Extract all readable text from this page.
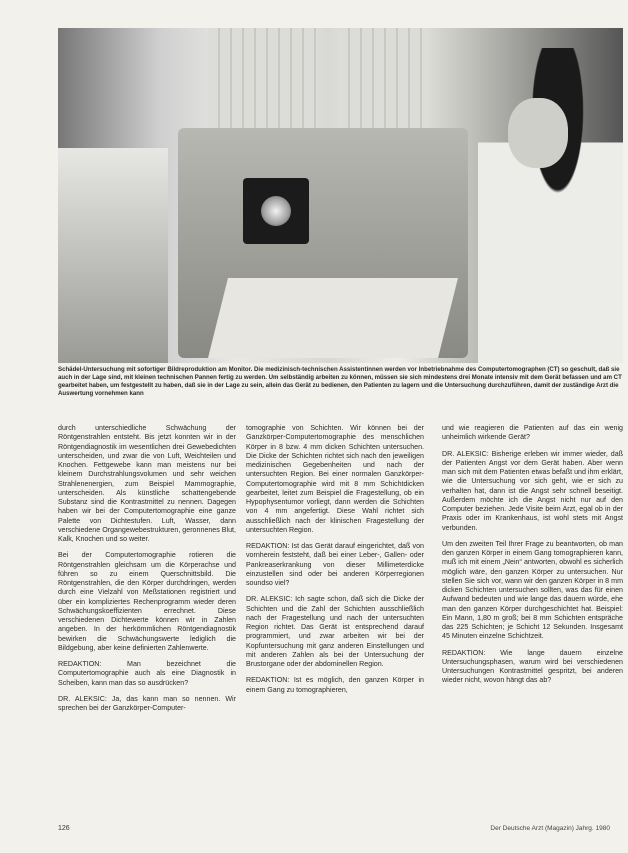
Schädel-Untersuchung mit sofortiger Bildreproduktion am Monitor. Die medizinisch-technischen Assistentinnen werden vor Inbetriebnahme des Computertomographen (CT) so geschult, daß sie auch in der Lage sind, mit kleinen technischen Pannen fertig zu werden. Um selbständig arbeiten zu können, müssen sie sich mindestens drei Monate intensiv mit dem Gerät befassen und am CT gearbeitet haben, um festgestellt zu haben, daß sie in der Lage zu sein, allein das Gerät zu bedienen, den Patienten zu lagern und die Untersuchung durchzuführen, damit der zuständige Arzt die Auswertung vornehmen kann

durch unterschiedliche Schwächung der Röntgenstrahlen entsteht. Bis jetzt konnten wir in der Röntgendiagnostik im wesentlichen drei Gewebedichten unterscheiden, und zwar die von Luft, Weichteilen und Knochen. Fettgewebe kann man meistens nur bei kleinem Durchstrahlungsvolumen und sehr weichen Strahlenenergien, zum Beispiel Mammographie, unterscheiden. Als künstliche schattengebende Substanz sind die Kontrastmittel zu nennen. Dagegen haben wir bei der Computertomographie eine ganze Palette von Dichtestufen. Luft, Wasser, dann verschiedene Organgewebestrukturen, geronnenes Blut, Kalk, Knochen und so weiter.

Bei der Computertomographie rotieren die Röntgenstrahlen gleichsam um die Körperachse und führen so zu einem Querschnittsbild. Die Röntgenstrahlen, die den Körper durchdringen, werden durch eine Vielzahl von Meßstationen registriert und über ein kompliziertes Rechenprogramm wieder deren Schwächungskoeffizienten errechnet. Diese verschiedenen Dichtewerte können wir in Zahlen angeben. In der herkömmlichen Röntgendiagnostik bewirken die Schwächungswerte lediglich die Bildgebung, aber keine definierten Zahlenwerte.

REDAKTION: Man bezeichnet die Computertomographie auch als eine Diagnostik in Scheiben, kann man das so ausdrücken?

DR. ALEKSIC: Ja, das kann man so nennen. Wir sprechen bei der Ganzkörper-Computer-

tomographie von Schichten. Wir können bei der Ganzkörper-Computertomographie des menschlichen Körper in 8 bzw. 4 mm dicken Schichten untersuchen. Die Dicke der Schichten richtet sich nach den jeweiligen medizinischen Gegebenheiten und nach der untersuchten Region. Bei einer normalen Ganzkörper-Computertomographie wird mit 8 mm Schichtdicken gearbeitet, leitet zum Beispiel die Fragestellung, ob ein Hypophysentumor vorliegt, dann werden die Schichten von 4 mm angefertigt. Diese Wahl richtet sich ausschließlich nach der klinischen Fragestellung der untersuchten Region.

REDAKTION: Ist das Gerät darauf eingerichtet, daß von vornherein feststeht, daß bei einer Leber-, Gallen- oder Pankreaserkrankung von dieser Millimeterdicke einzustellen sind oder bei anderen Körperregionen soundso viel?

DR. ALEKSIC: Ich sagte schon, daß sich die Dicke der Schichten und die Zahl der Schichten ausschließlich nach der Fragestellung und nach der untersuchten Region richtet. Das Gerät ist entsprechend darauf programmiert, und zwar arbeiten wir bei der Kopfuntersuchung mit ganz anderen Einstellungen und mit anderen Zahlen als bei der Untersuchung der Brustorgane oder der abdominellen Region.

REDAKTION: Ist es möglich, den ganzen Körper in einem Gang zu tomographieren,

und wie reagieren die Patienten auf das ein wenig unheimlich wirkende Gerät?

DR. ALEKSIC: Bisherige erleben wir immer wieder, daß der Patienten Angst vor dem Gerät haben. Aber wenn man sich mit dem Patienten etwas befaßt und ihm erklärt, wie die Untersuchung vor sich geht, wie er sich zu verhalten hat, dann ist die Angst sehr schnell beseitigt. Außerdem möchte ich die Angst nicht nur auf den Computer beziehen. Jede Visite beim Arzt, egal ob in der Praxis oder im Krankenhaus, ist wohl stets mit Angst verbunden.

Um den zweiten Teil Ihrer Frage zu beantworten, ob man den ganzen Körper in einem Gang tomographieren kann, muß ich mit einem „Nein“ antworten, obwohl es sicherlich möglich wäre, den ganzen Körper zu untersuchen. Nur stellen Sie sich vor, wann wir den ganzen Körper in 8 mm dicken Schichten untersuchen sollten, was das für einen Aufwand bedeuten und wie lange das dauern würde, ehe man den ganzen Körper durchgeschichtet hat. Beispiel: Ein Mann, 1,80 m groß; bei 8 mm Schichten entspräche das 225 Schichten; je Schicht 12 Sekunden. Insgesamt 45 Minuten einzelne Schichtzeit.

REDAKTION: Wie lange dauern einzelne Untersuchungsphasen, warum wird bei verschiedenen Untersuchungen Kontrastmittel gespritzt, bei anderen wieder nicht, wovon hängt das ab?

126	Der Deutsche Arzt (Magazin) Jahrg. 1980
